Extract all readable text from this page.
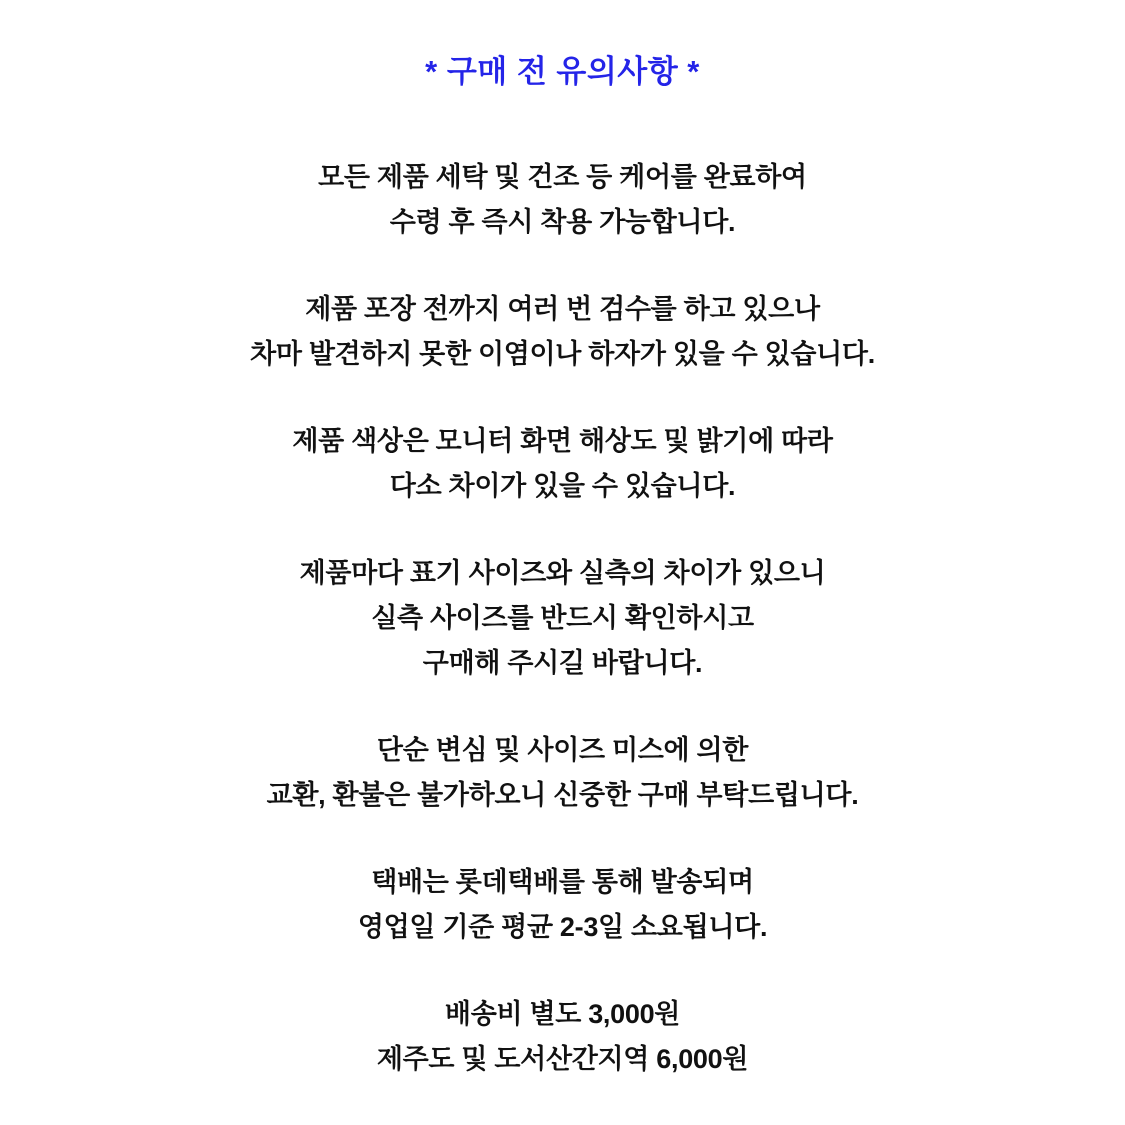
* 구매 전 유의사항 *
모든 제품 세탁 및 건조 등 케어를 완료하여
수령 후 즉시 착용 가능합니다.
제품 포장 전까지 여러 번 검수를 하고 있으나
차마 발견하지 못한 이염이나 하자가 있을 수 있습니다.
제품 색상은 모니터 화면 해상도 및 밝기에 따라
다소 차이가 있을 수 있습니다.
제품마다 표기 사이즈와 실측의 차이가 있으니
실측 사이즈를 반드시 확인하시고
구매해 주시길 바랍니다.
단순 변심 및 사이즈 미스에 의한
교환, 환불은 불가하오니 신중한 구매 부탁드립니다.
택배는 롯데택배를 통해 발송되며
영업일 기준 평균 2-3일 소요됩니다.
배송비 별도 3,000원
제주도 및 도서산간지역 6,000원
